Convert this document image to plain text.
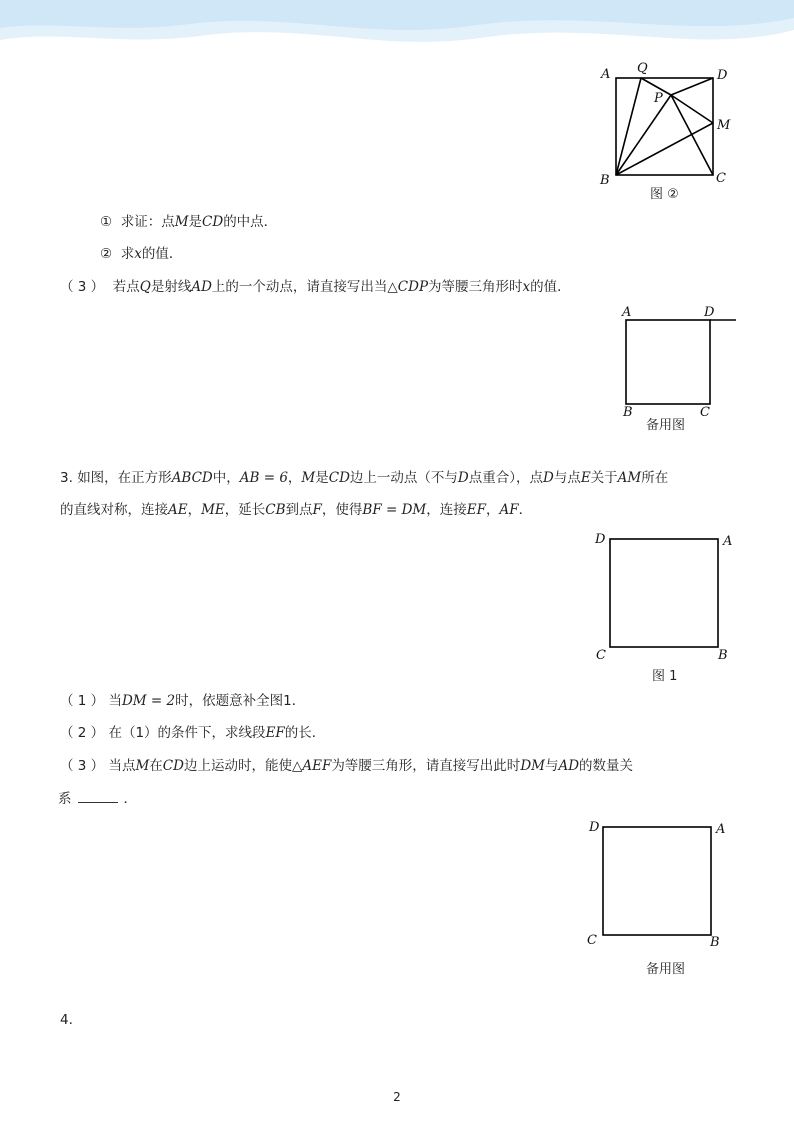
A Q	D
P
M
B	C
图 ②
① 求证：点M是CD的中点．
② 求x的值．
（ 3 ） 若点Q是射线AD上的一个动点，请直接写出当△CDP为等腰三角形时x的值．
A	D
B	C
备用图
3. 如图，在正方形ABCD中，AB = 6，M是CD边上一动点（不与D点重合），点D与点E关于AM所在
的直线对称，连接AE，ME，延长CB到点F，使得BF = DM，连接EF，AF．
D	A
C	B
图 1
（ 1 ） 当DM = 2时，依题意补全图1．
（ 2 ） 在（1）的条件下，求线段EF的长．
（ 3 ） 当点M在CD边上运动时，能使△AEF为等腰三角形，请直接写出此时DM与AD的数量关
系	．
D	A
C	B
备用图
4.
2
